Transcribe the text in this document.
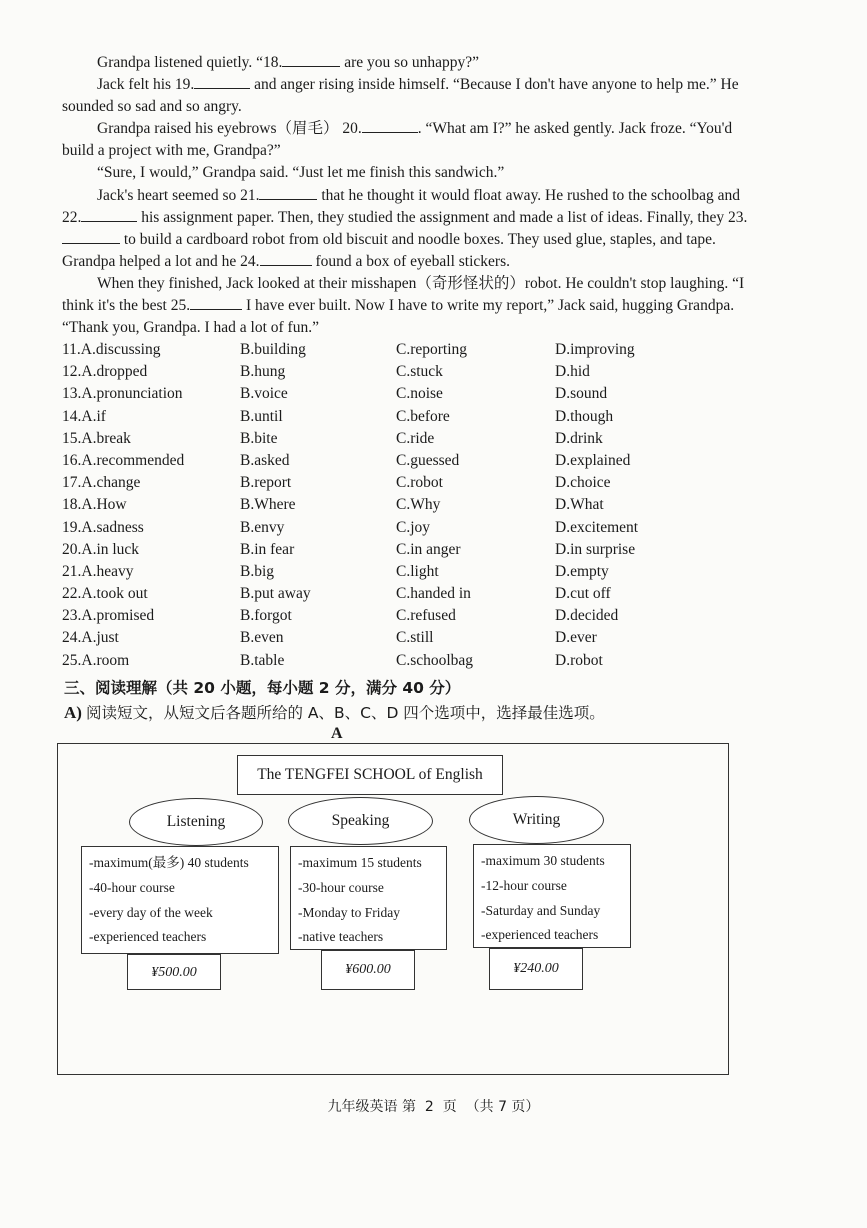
Grandpa listened quietly. “18.	are you so unhappy?”

Jack felt his 19.	and anger rising inside himself. “Because I don't have anyone to help me.” He sounded so sad and so angry.

Grandpa raised his eyebrows（眉毛） 20.	. “What am I?” he asked gently. Jack froze. “You'd build a project with me, Grandpa?”

“Sure, I would,” Grandpa said. “Just let me finish this sandwich.”

Jack's heart seemed so 21.	that he thought it would float away. He rushed to the schoolbag and 22.	his assignment paper. Then, they studied the assignment and made a list of ideas. Finally, they 23. to build a cardboard robot from old biscuit and noodle boxes. They used glue, staples, and tape. Grandpa helped a lot and he 24.	found a box of eyeball stickers.

When they finished, Jack looked at their misshapen（奇形怪状的）robot. He couldn't stop laughing. “I think it's the best 25.	I have ever built. Now I have to write my report,” Jack said, hugging Grandpa. “Thank you, Grandpa. I had a lot of fun.”

11.A.discussing	B.building	C.reporting	D.improving
12.A.dropped	B.hung	C.stuck	D.hid
13.A.pronunciation	B.voice	C.noise	D.sound
14.A.if	B.until	C.before	D.though
15.A.break	B.bite	C.ride	D.drink
16.A.recommended	B.asked	C.guessed	D.explained
17.A.change	B.report	C.robot	D.choice
18.A.How	B.Where	C.Why	D.What
19.A.sadness	B.envy	C.joy	D.excitement
20.A.in luck	B.in fear	C.in anger	D.in surprise
21.A.heavy	B.big	C.light	D.empty
22.A.took out	B.put away	C.handed in	D.cut off
23.A.promised	B.forgot	C.refused	D.decided
24.A.just	B.even	C.still	D.ever
25.A.room	B.table	C.schoolbag	D.robot
三、阅读理解（共 20 小题，每小题 2 分，满分 40 分）
A) 阅读短文，从短文后各题所给的 A、B、C、D 四个选项中，选择最佳选项。
A
The TENGFEI SCHOOL of English
Listening	Speaking	Writing
-maximum(最多) 40 students
-40-hour course
-every day of the week
-experienced teachers
-maximum 15 students
-30-hour course
-Monday to Friday
-native teachers
-maximum 30 students
-12-hour course
-Saturday and Sunday
-experienced teachers
¥500.00	¥600.00	¥240.00
九年级英语 第  2  页  （共 7 页）
